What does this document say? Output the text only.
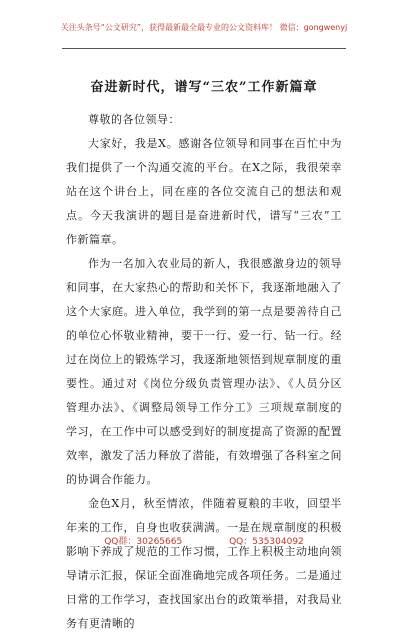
关注头条号“公文研究”，获得最新最全最专业的公文资料库！ 微信：gongwenyj
奋进新时代，谱写“三农”工作新篇章

尊敬的各位领导：

大家好，我是X。感谢各位领导和同事在百忙中为我们提供了一个沟通交流的平台。在X之际，我很荣幸站在这个讲台上，同在座的各位交流自己的想法和观点。今天我演讲的题目是奋进新时代，谱写“三农”工作新篇章。

作为一名加入农业局的新人，我很感激身边的领导和同事，在大家热心的帮助和关怀下，我逐渐地融入了这个大家庭。进入单位，我学到的第一点是要善待自己的单位心怀敬业精神，要干一行、爱一行、钻一行。经过在岗位上的锻炼学习，我逐渐地领悟到规章制度的重要性。通过对《岗位分级负责管理办法》、《人员分区管理办法》、《调整局领导工作分工》三项规章制度的学习，在工作中可以感受到好的制度提高了资源的配置效率，激发了活力释放了潜能，有效增强了各科室之间的协调合作能力。

金色X月，秋至情浓，伴随着夏粮的丰收，回望半年来的工作，自身也收获满满。一是在规章制度的积极影响下养成了规范的工作习惯，工作上积极主动地向领导请示汇报，保证全面准确地完成各项任务。二是通过日常的工作学习，查找国家出台的政策举措，对我局业务有更清晰的

QQ群：30265665	QQ：535304092
